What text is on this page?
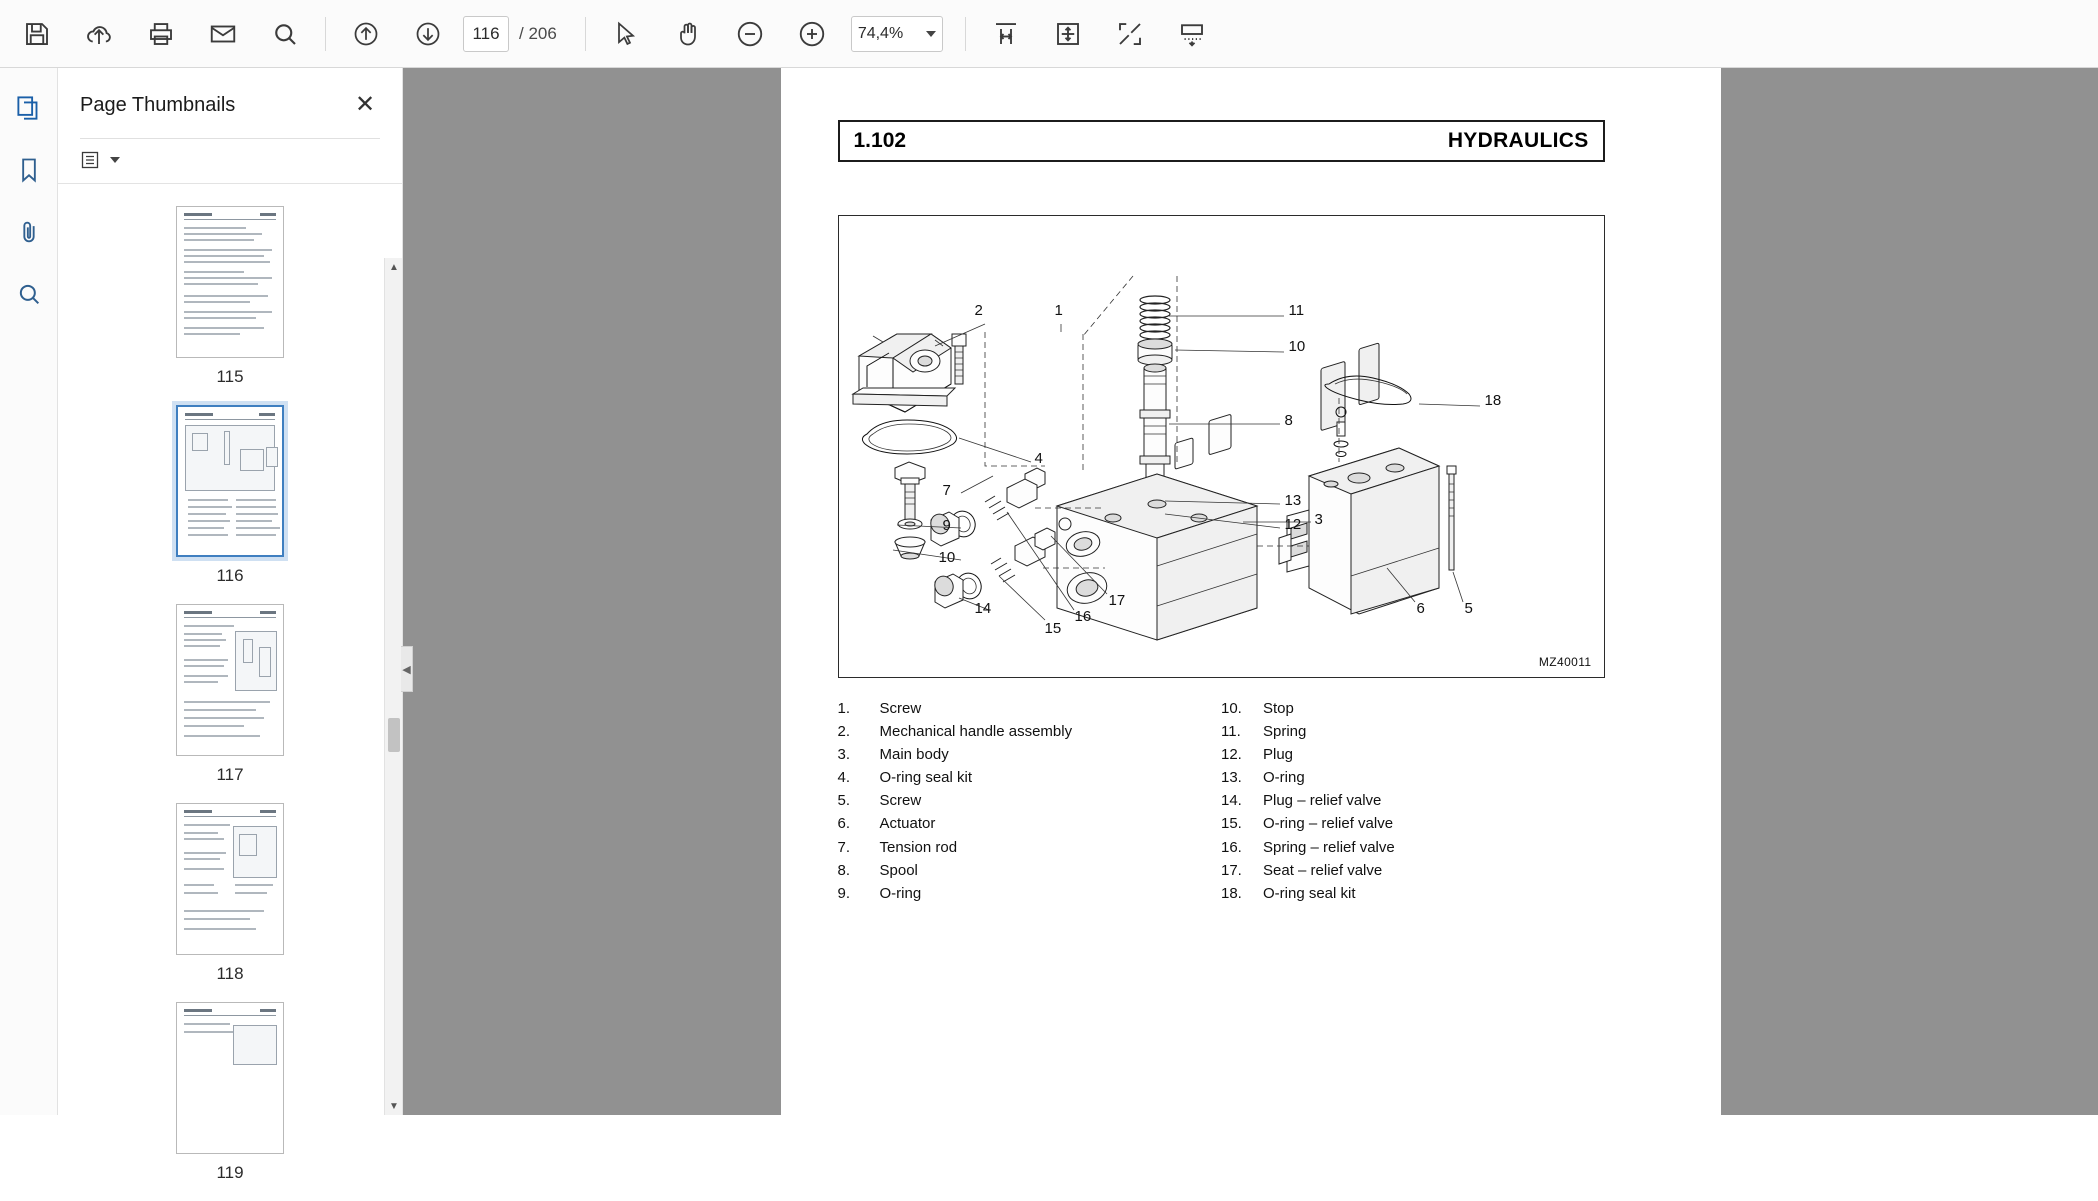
116	/ 206	74,4%
Page Thumbnails	✕
115
116
117
118
119
▲
▼
◀
1.102	HYDRAULICS
2	1	11
10
8
18
4
13
12
7
9
10
3
6	5
17
16
15
14
MZ40011
1.	Screw
2.	Mechanical handle assembly
3.	Main body
4.	O-ring seal kit
5.	Screw
6.	Actuator
7.	Tension rod
8.	Spool
9.	O-ring
10.	Stop
11.	Spring
12.	Plug
13.	O-ring
14.	Plug – relief valve
15.	O-ring – relief valve
16.	Spring – relief valve
17.	Seat – relief valve
18.	O-ring seal kit
